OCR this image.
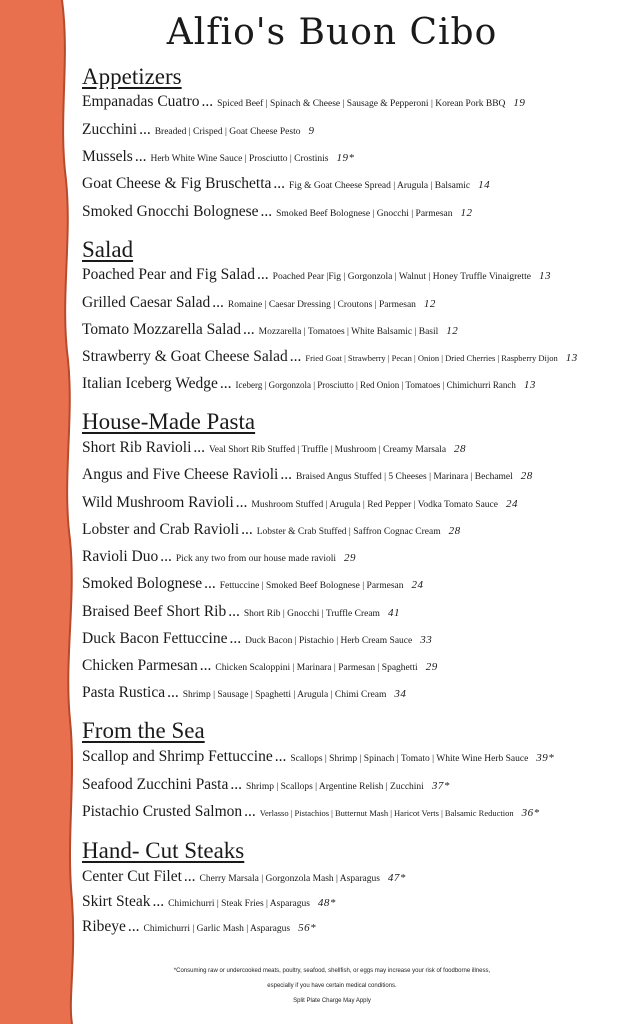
Alfio's Buon Cibo
Appetizers
Empanadas Cuatro ... Spiced Beef | Spinach & Cheese | Sausage & Pepperoni | Korean Pork BBQ 19
Zucchini ... Breaded | Crisped | Goat Cheese Pesto 9
Mussels ... Herb White Wine Sauce | Prosciutto | Crostinis 19*
Goat Cheese & Fig Bruschetta ... Fig & Goat Cheese Spread | Arugula | Balsamic 14
Smoked Gnocchi Bolognese ... Smoked Beef Bolognese | Gnocchi | Parmesan 12
Salad
Poached Pear and Fig Salad ... Poached Pear |Fig | Gorgonzola | Walnut | Honey Truffle Vinaigrette 13
Grilled Caesar Salad ... Romaine | Caesar Dressing | Croutons | Parmesan 12
Tomato Mozzarella Salad ... Mozzarella | Tomatoes | White Balsamic | Basil 12
Strawberry & Goat Cheese Salad ... Fried Goat | Strawberry | Pecan | Onion | Dried Cherries | Raspberry Dijon 13
Italian Iceberg Wedge ... Iceberg | Gorgonzola | Prosciutto | Red Onion | Tomatoes | Chimichurri Ranch 13
House-Made Pasta
Short Rib Ravioli ... Veal Short Rib Stuffed | Truffle | Mushroom | Creamy Marsala 28
Angus and Five Cheese Ravioli ... Braised Angus Stuffed | 5 Cheeses | Marinara | Bechamel 28
Wild Mushroom Ravioli ... Mushroom Stuffed | Arugula | Red Pepper | Vodka Tomato Sauce 24
Lobster and Crab Ravioli ... Lobster & Crab Stuffed | Saffron Cognac Cream 28
Ravioli Duo ... Pick any two from our house made ravioli 29
Smoked Bolognese ... Fettuccine | Smoked Beef Bolognese | Parmesan 24
Braised Beef Short Rib ... Short Rib | Gnocchi | Truffle Cream 41
Duck Bacon Fettuccine ... Duck Bacon | Pistachio | Herb Cream Sauce 33
Chicken Parmesan ... Chicken Scaloppini | Marinara | Parmesan | Spaghetti 29
Pasta Rustica ... Shrimp | Sausage | Spaghetti | Arugula | Chimi Cream 34
From the Sea
Scallop and Shrimp Fettuccine ... Scallops | Shrimp | Spinach | Tomato | White Wine Herb Sauce 39*
Seafood Zucchini Pasta ... Shrimp | Scallops | Argentine Relish | Zucchini 37*
Pistachio Crusted Salmon ... Verlasso | Pistachios | Butternut Mash | Haricot Verts | Balsamic Reduction 36*
Hand- Cut Steaks
Center Cut Filet ... Cherry Marsala | Gorgonzola Mash | Asparagus 47*
Skirt Steak ... Chimichurri | Steak Fries | Asparagus 48*
Ribeye ... Chimichurri | Garlic Mash | Asparagus 56*
*Consuming raw or undercooked meats, poultry, seafood, shellfish, or eggs may increase your risk of foodborne illness,
especially if you have certain medical conditions.
Split Plate Charge May Apply
